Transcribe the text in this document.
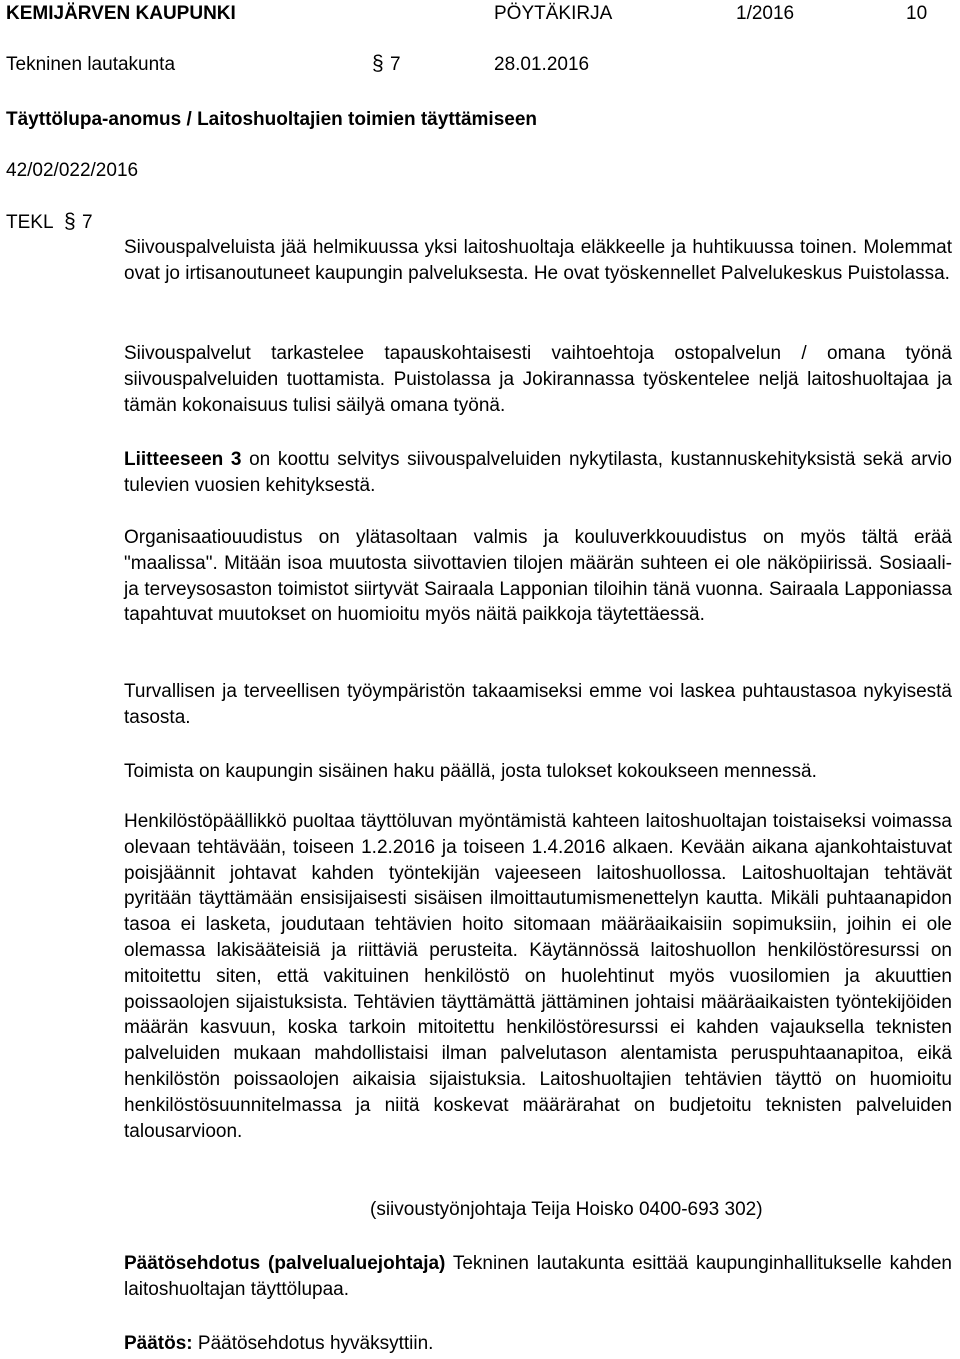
KEMIJÄRVEN KAUPUNKI	PÖYTÄKIRJA	1/2016	10
Tekninen lautakunta	§ 7	28.01.2016
Täyttölupa-anomus / Laitoshuoltajien toimien täyttämiseen
42/02/022/2016
TEKL § 7

Siivouspalveluista jää helmikuussa yksi laitoshuoltaja eläkkeelle ja huhtikuussa toinen. Molemmat ovat jo irtisanoutuneet kaupungin palveluksesta. He ovat työskennellet Palvelukeskus Puistolassa.

Siivouspalvelut tarkastelee tapauskohtaisesti vaihtoehtoja ostopalvelun / omana työnä siivouspalveluiden tuottamista. Puistolassa ja Jokirannassa työskentelee neljä laitoshuoltajaa ja tämän kokonaisuus tulisi säilyä omana työnä.

Liitteeseen 3 on koottu selvitys siivouspalveluiden nykytilasta, kustannuskehityksistä sekä arvio tulevien vuosien kehityksestä.

Organisaatiouudistus on ylätasoltaan valmis ja kouluverkkouudistus on myös tältä erää "maalissa". Mitään isoa muutosta siivottavien tilojen määrän suhteen ei ole näköpiirissä. Sosiaali- ja terveysosaston toimistot siirtyvät Sairaala Lapponian tiloihin tänä vuonna. Sairaala Lapponiassa tapahtuvat muutokset on huomioitu myös näitä paikkoja täytettäessä.

Turvallisen ja terveellisen työympäristön takaamiseksi emme voi laskea puhtaustasoa nykyisestä tasosta.

Toimista on kaupungin sisäinen haku päällä, josta tulokset kokoukseen mennessä.

Henkilöstöpäällikkö puoltaa täyttöluvan myöntämistä kahteen laitoshuoltajan toistaiseksi voimassa olevaan tehtävään, toiseen 1.2.2016 ja toiseen 1.4.2016 alkaen. Kevään aikana ajankohtaistuvat poisjäännit johtavat kahden työntekijän vajeeseen laitoshuollossa. Laitoshuoltajan tehtävät pyritään täyttämään ensisijaisesti sisäisen ilmoittautumismenettelyn kautta. Mikäli puhtaanapidon tasoa ei lasketa, joudutaan tehtävien hoito sitomaan määräaikaisiin sopimuksiin, joihin ei ole olemassa lakisääteisiä ja riittäviä perusteita. Käytännössä laitoshuollon henkilöstöresurssi on mitoitettu siten, että vakituinen henkilöstö on huolehtinut myös vuosilomien ja akuuttien poissaolojen sijaistuksista. Tehtävien täyttämättä jättäminen johtaisi määräaikaisten työntekijöiden määrän kasvuun, koska tarkoin mitoitettu henkilöstöresurssi ei kahden vajauksella teknisten palveluiden mukaan mahdollistaisi ilman palvelutason alentamista peruspuhtaanapitoa, eikä henkilöstön poissaolojen aikaisia sijaistuksia. Laitoshuoltajien tehtävien täyttö on huomioitu henkilöstösuunnitelmassa ja niitä koskevat määrärahat on budjetoitu teknisten palveluiden talousarvioon.

(siivoustyönjohtaja Teija Hoisko 0400-693 302)

Päätösehdotus (palvelualuejohtaja) Tekninen lautakunta esittää kaupunginhallitukselle kahden laitoshuoltajan täyttölupaa.

Päätös: Päätösehdotus hyväksyttiin.
